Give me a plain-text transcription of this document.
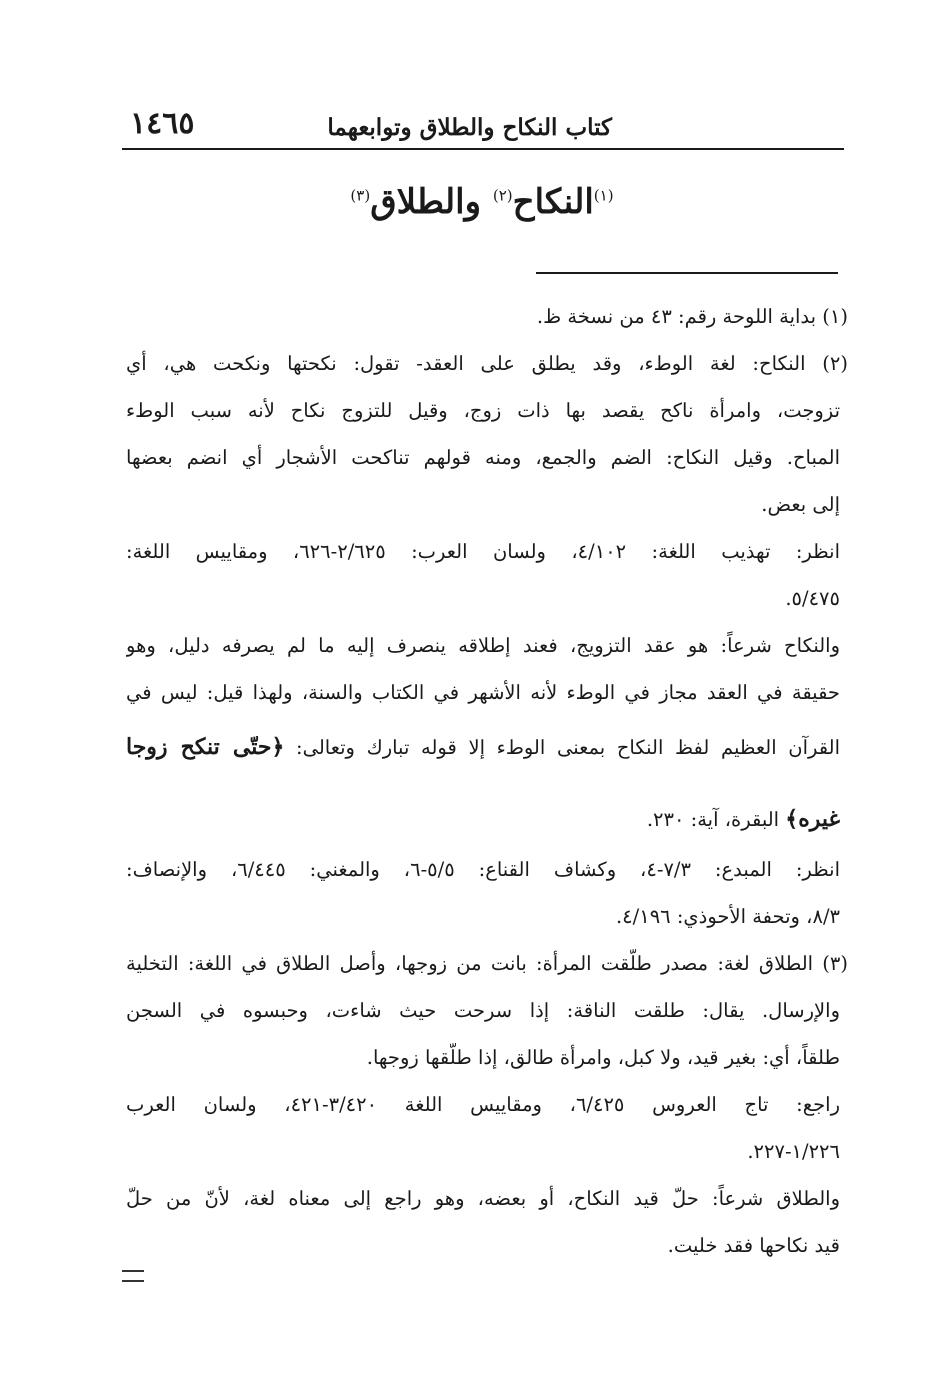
كتاب النكاح والطلاق وتوابعهما
١٤٦٥
$^{(١)}$النكاح$^{(٢)}$ والطلاق$^{(٣)}$
(١) بداية اللوحة رقم: ٤٣ من نسخة ظ.
(٢) النكاح: لغة الوطء، وقد يطلق على العقد- تقول: نكحتها ونكحت هي، أي
تزوجت، وامرأة ناكح يقصد بها ذات زوج، وقيل للتزوج نكاح لأنه سبب الوطء
المباح. وقيل النكاح: الضم والجمع، ومنه قولهم تناكحت الأشجار أي انضم بعضها
إلى بعض.
انظر: تهذيب اللغة: ٤/١٠٢، ولسان العرب: ٢/٦٢٥-٦٢٦، ومقاييس اللغة:
٥/٤٧٥.
والنكاح شرعاً: هو عقد التزويج، فعند إطلاقه ينصرف إليه ما لم يصرفه دليل، وهو
حقيقة في العقد مجاز في الوطء لأنه الأشهر في الكتاب والسنة، ولهذا قيل: ليس في
القرآن العظيم لفظ النكاح بمعنى الوطء إلا قوله تبارك وتعالى: ﴿حتّى تنكح زوجا
غيره﴾ البقرة، آية: ٢٣٠.
انظر: المبدع: ٧/٣-٤، وكشاف القناع: ٥/٥-٦، والمغني: ٦/٤٤٥، والإنصاف:
٨/٣، وتحفة الأحوذي: ٤/١٩٦.
(٣) الطلاق لغة: مصدر طلّقت المرأة: بانت من زوجها، وأصل الطلاق في اللغة: التخلية
والإرسال. يقال: طلقت الناقة: إذا سرحت حيث شاءت، وحبسوه في السجن
طلقاً، أي: بغير قيد، ولا كبل، وامرأة طالق، إذا طلّقها زوجها.
راجع: تاج العروس ٦/٤٢٥، ومقاييس اللغة ٣/٤٢٠-٤٢١، ولسان العرب
١/٢٢٦-٢٢٧.
والطلاق شرعاً: حلّ قيد النكاح، أو بعضه، وهو راجع إلى معناه لغة، لأنّ من حلّ
قيد نكاحها فقد خليت.
